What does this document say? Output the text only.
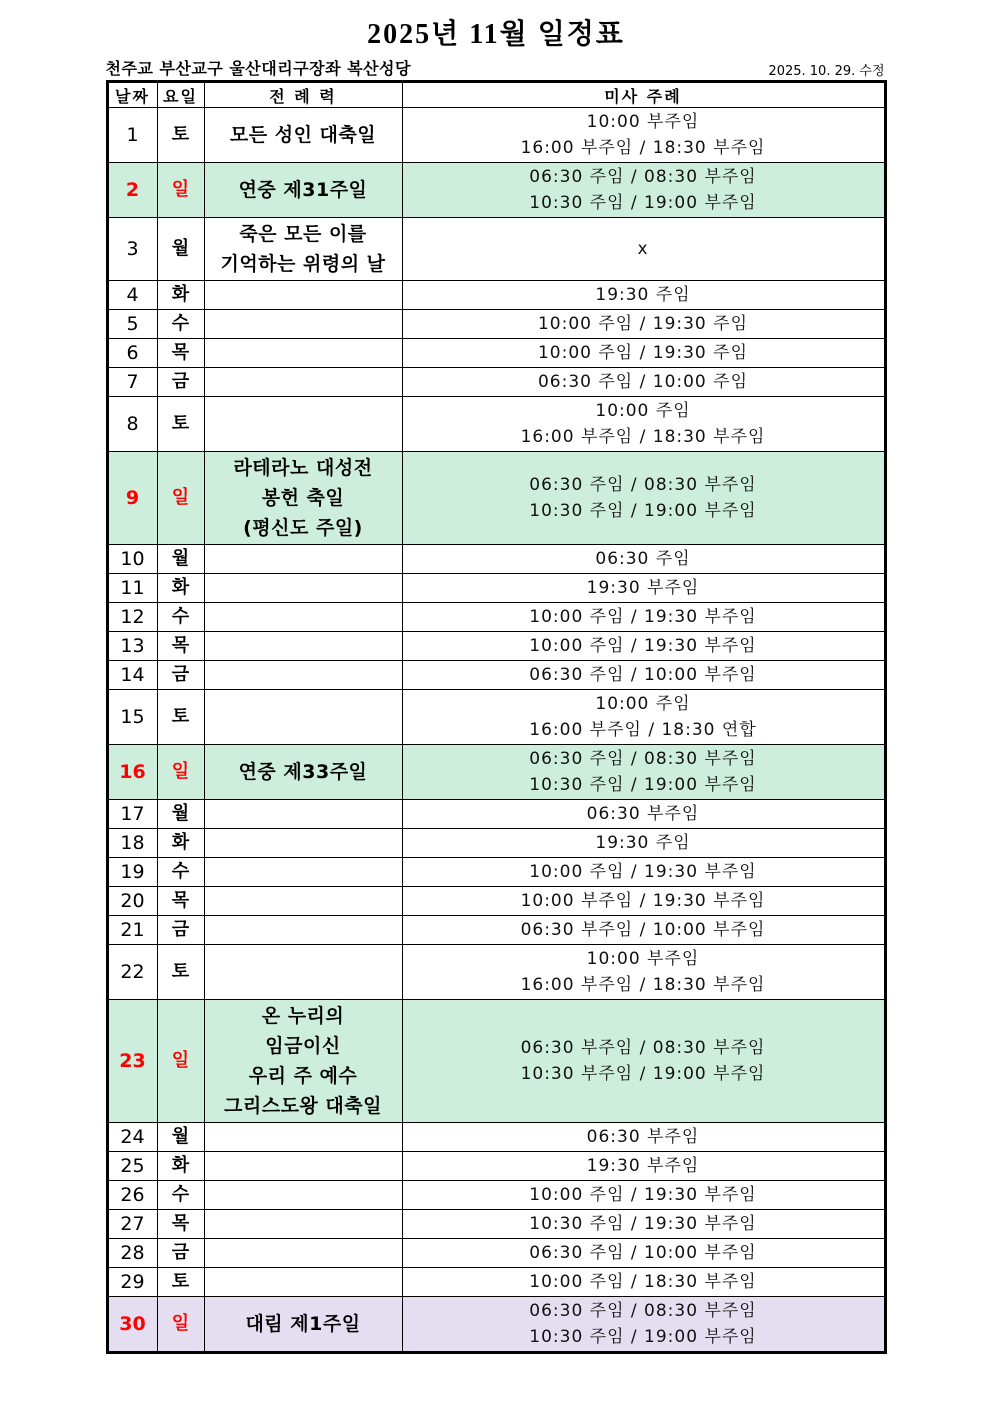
2025년 11월 일정표
천주교 부산교구 울산대리구장좌 복산성당	2025. 10. 29. 수정
날짜	요일	전 례 력	미사 주례
1	토	모든 성인 대축일	10:00 부주임
16:00 부주임 / 18:30 부주임
2	일	연중 제31주일	06:30 주임 / 08:30 부주임
10:30 주임 / 19:00 부주임
3	월	죽은 모든 이를
기억하는 위령의 날	x
4	화		19:30 주임
5	수		10:00 주임 / 19:30 주임
6	목		10:00 주임 / 19:30 주임
7	금		06:30 주임 / 10:00 주임
8	토		10:00 주임
16:00 부주임 / 18:30 부주임
9	일	라테라노 대성전
봉헌 축일
(평신도 주일)	06:30 주임 / 08:30 부주임
10:30 주임 / 19:00 부주임
10	월		06:30 주임
11	화		19:30 부주임
12	수		10:00 주임 / 19:30 부주임
13	목		10:00 주임 / 19:30 부주임
14	금		06:30 주임 / 10:00 부주임
15	토		10:00 주임
16:00 부주임 / 18:30 연합
16	일	연중 제33주일	06:30 주임 / 08:30 부주임
10:30 주임 / 19:00 부주임
17	월		06:30 부주임
18	화		19:30 주임
19	수		10:00 주임 / 19:30 부주임
20	목		10:00 부주임 / 19:30 부주임
21	금		06:30 부주임 / 10:00 부주임
22	토		10:00 부주임
16:00 부주임 / 18:30 부주임
23	일	온 누리의
임금이신
우리 주 예수
그리스도왕 대축일	06:30 부주임 / 08:30 부주임
10:30 부주임 / 19:00 부주임
24	월		06:30 부주임
25	화		19:30 부주임
26	수		10:00 주임 / 19:30 부주임
27	목		10:30 주임 / 19:30 부주임
28	금		06:30 주임 / 10:00 부주임
29	토		10:00 주임 / 18:30 부주임
30	일	대림 제1주일	06:30 주임 / 08:30 부주임
10:30 주임 / 19:00 부주임
